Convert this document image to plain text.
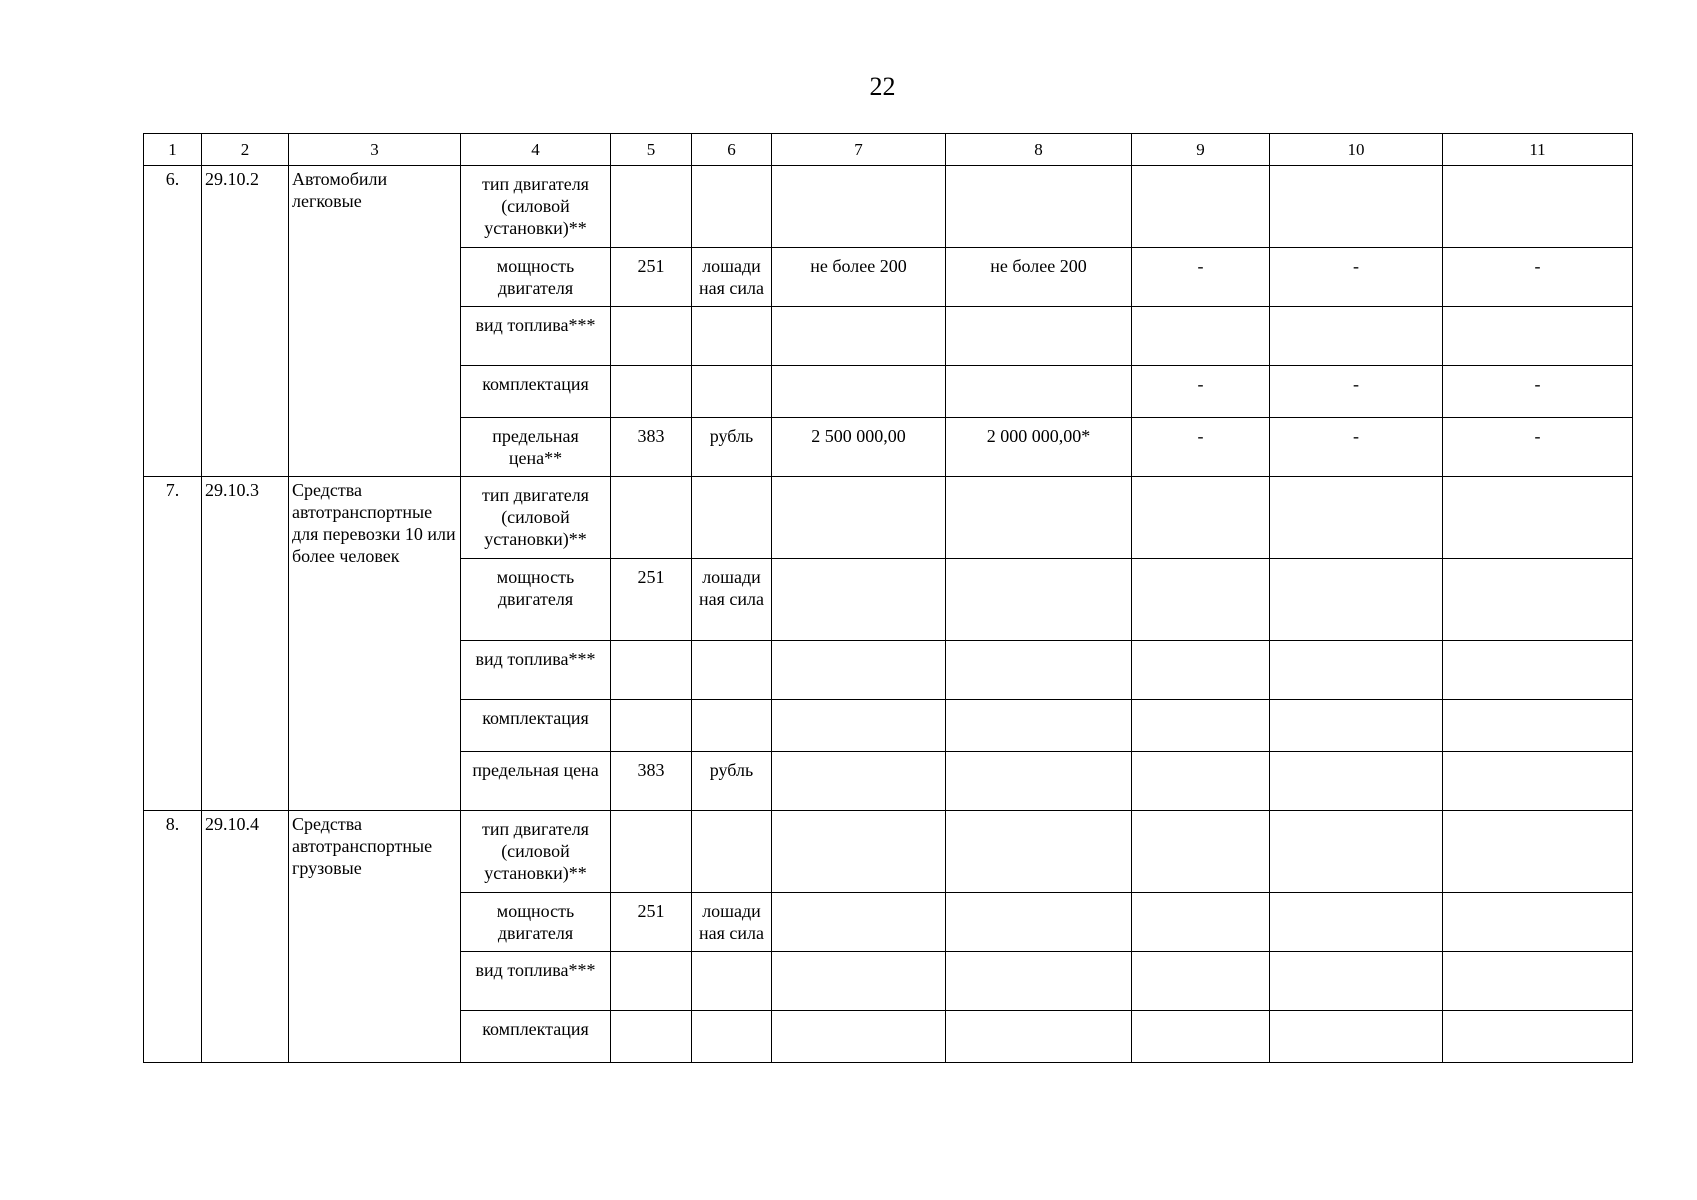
22
1	2	3	4	5	6	7	8	9	10	11
6.	29.10.2	Автомобили легковые	тип двигателя (силовой установки)**							
			мощность двигателя	251	лошади ная сила	не более 200	не более 200	-	-	-
			вид топлива***							
			комплектация					-	-	-
			предельная цена**	383	рубль	2 500 000,00	2 000 000,00*	-	-	-
7.	29.10.3	Средства автотранспортные для перевозки 10 или более человек	тип двигателя (силовой установки)**							
			мощность двигателя	251	лошади ная сила					
			вид топлива***							
			комплектация							
			предельная цена	383	рубль					
8.	29.10.4	Средства автотранспортные грузовые	тип двигателя (силовой установки)**							
			мощность двигателя	251	лошади ная сила					
			вид топлива***							
			комплектация							
